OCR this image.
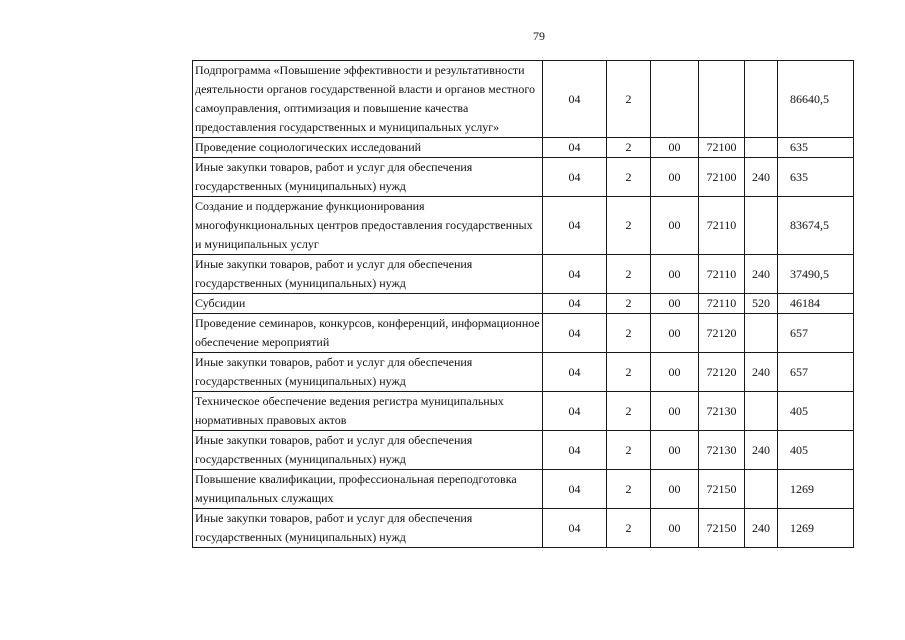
79
Подпрограмма «Повышение эффективности и результативности деятельности органов государственной власти и органов местного самоуправления, оптимизация и повышение качества предоставления государственных и муниципальных услуг»	04	2				86640,5
Проведение социологических исследований	04	2	00	72100		635
Иные закупки товаров, работ и услуг для обеспечения государственных (муниципальных) нужд	04	2	00	72100	240	635
Создание и поддержание функционирования многофункциональных центров предоставления государственных и муниципальных услуг	04	2	00	72110		83674,5
Иные закупки товаров, работ и услуг для обеспечения государственных (муниципальных) нужд	04	2	00	72110	240	37490,5
Субсидии	04	2	00	72110	520	46184
Проведение семинаров, конкурсов, конференций, информационное обеспечение мероприятий	04	2	00	72120		657
Иные закупки товаров, работ и услуг для обеспечения государственных (муниципальных) нужд	04	2	00	72120	240	657
Техническое обеспечение ведения регистра муниципальных нормативных правовых актов	04	2	00	72130		405
Иные закупки товаров, работ и услуг для обеспечения государственных (муниципальных) нужд	04	2	00	72130	240	405
Повышение квалификации, профессиональная переподготовка муниципальных служащих	04	2	00	72150		1269
Иные закупки товаров, работ и услуг для обеспечения государственных (муниципальных) нужд	04	2	00	72150	240	1269
